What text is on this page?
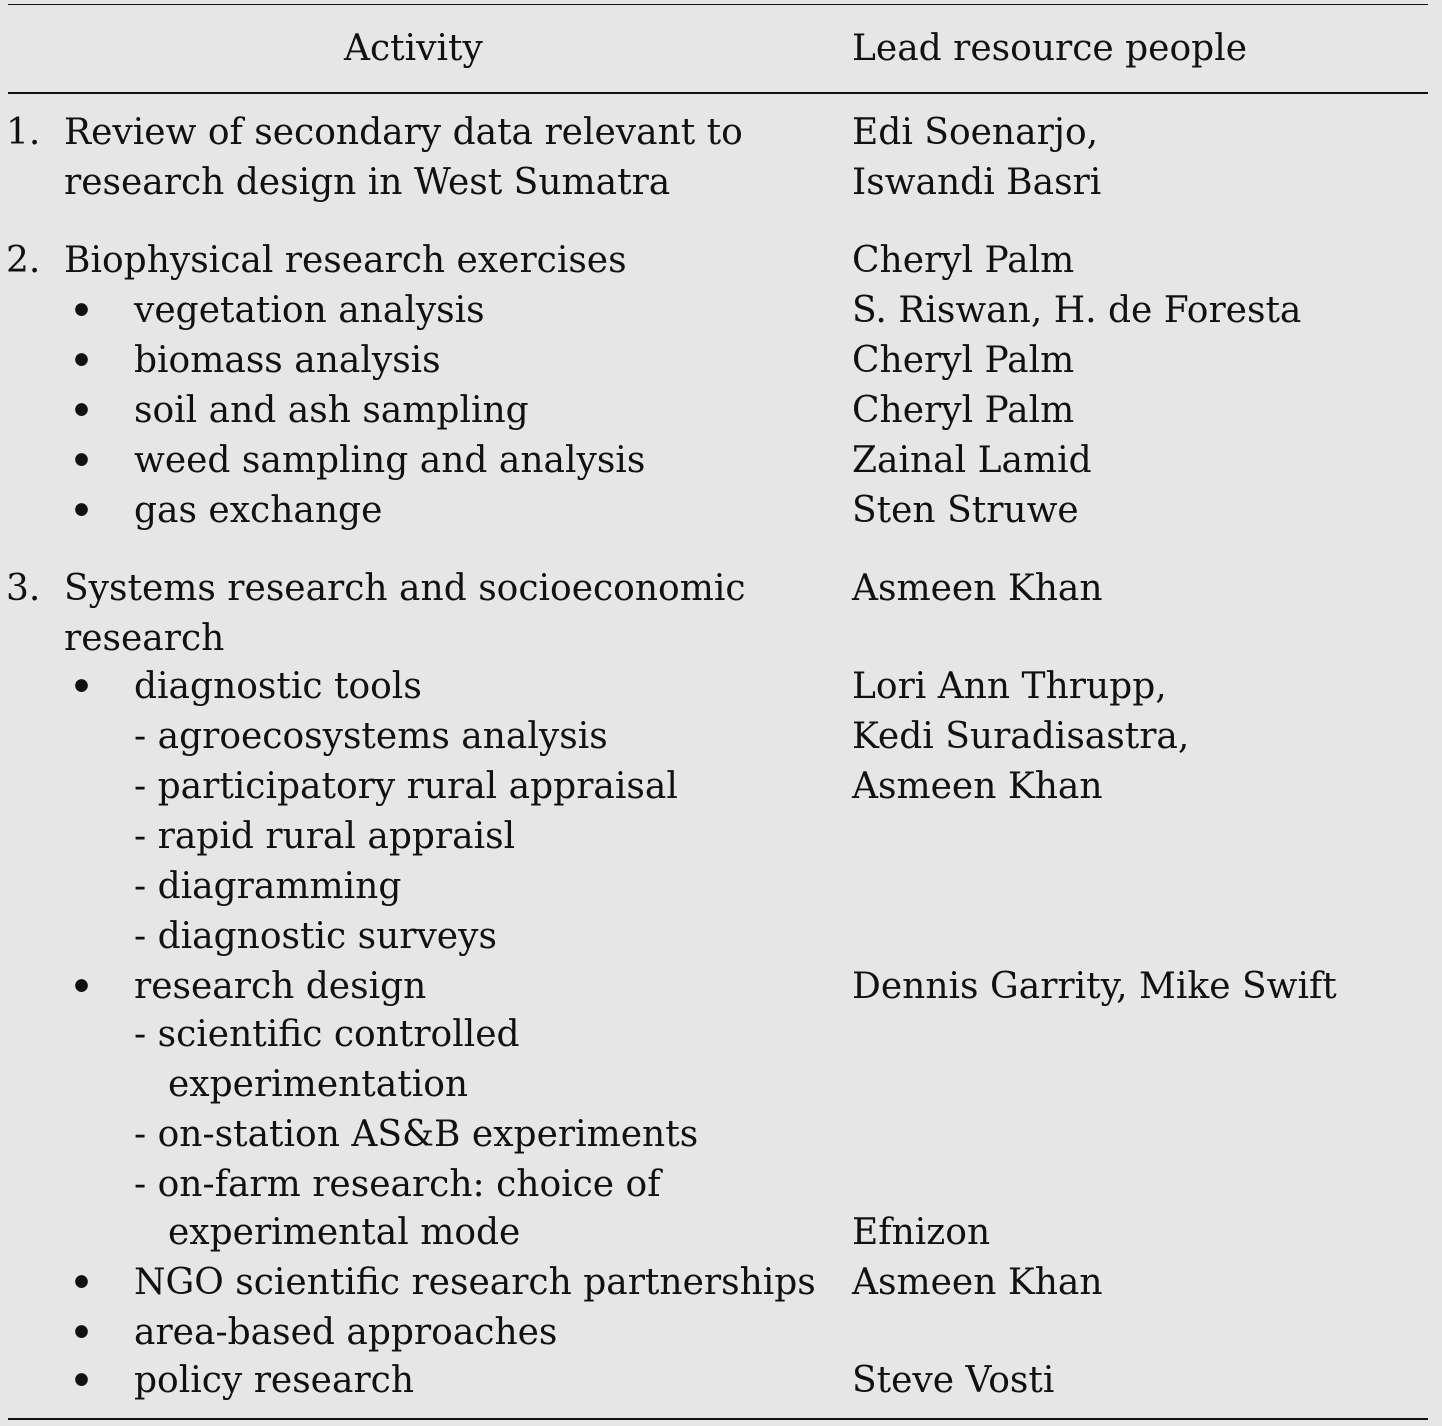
Activity	Lead resource people
1. Review of secondary data relevant to	Edi Soenarjo,
research design in West Sumatra	Iswandi Basri
2. Biophysical research exercises	Cheryl Palm
• vegetation analysis	S. Riswan, H. de Foresta
• biomass analysis	Cheryl Palm
• soil and ash sampling	Cheryl Palm
• weed sampling and analysis	Zainal Lamid
• gas exchange	Sten Struwe
3. Systems research and socioeconomic	Asmeen Khan
research
• diagnostic tools	Lori Ann Thrupp,
- agroecosystems analysis	Kedi Suradisastra,
- participatory rural appraisal	Asmeen Khan
- rapid rural appraisl
- diagramming
- diagnostic surveys
• research design	Dennis Garrity, Mike Swift
- scientific controlled
experimentation
- on-station AS&B experiments
- on-farm research: choice of
experimental mode	Efnizon
• NGO scientific research partnerships Asmeen Khan
• area-based approaches
• policy research	Steve Vosti
